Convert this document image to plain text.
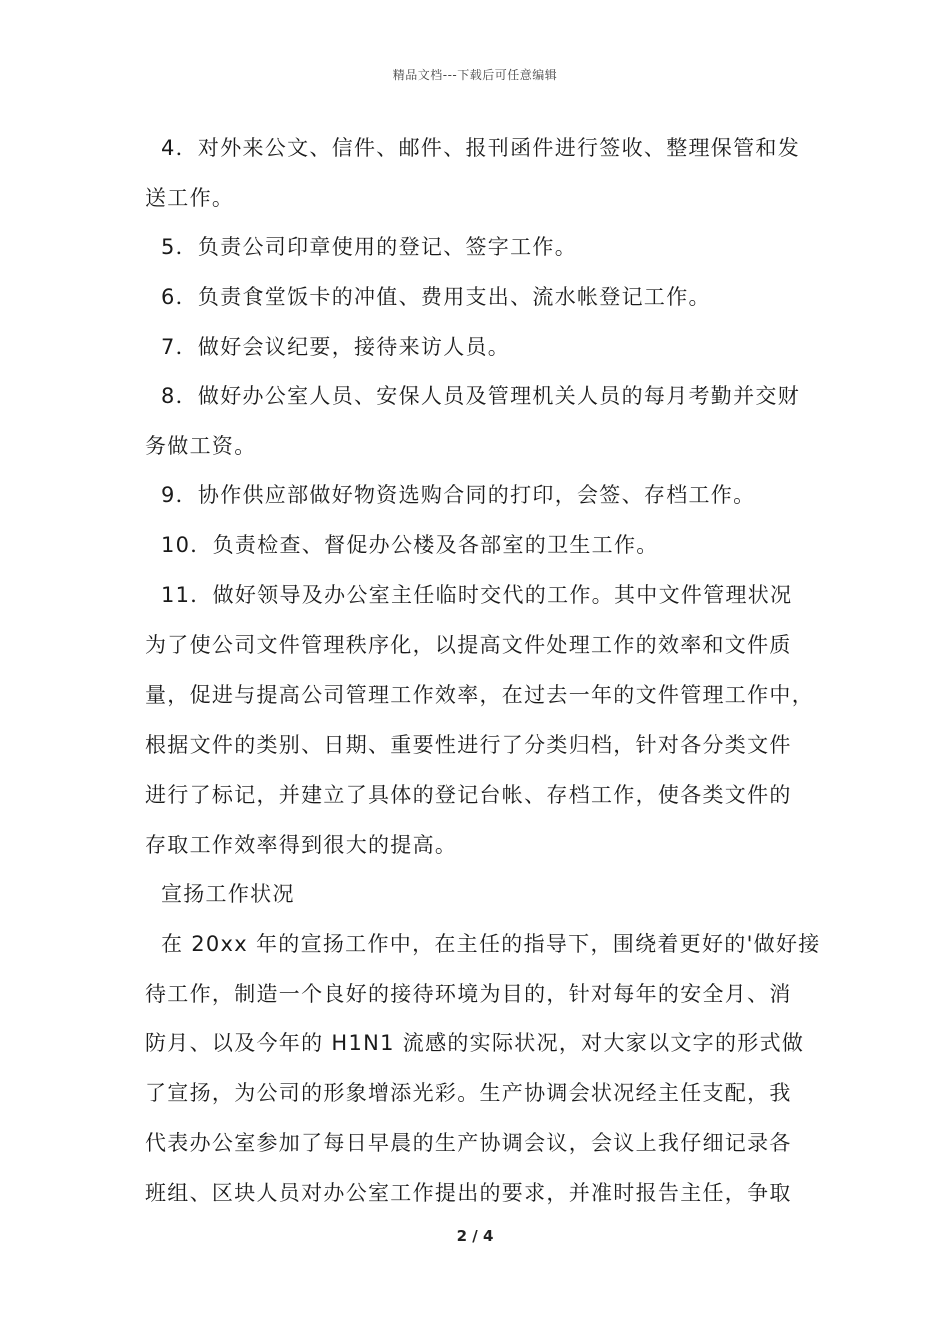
精品文档---下载后可任意编辑
4．对外来公文、信件、邮件、报刊函件进行签收、整理保管和发
送工作。
5．负责公司印章使用的登记、签字工作。
6．负责食堂饭卡的冲值、费用支出、流水帐登记工作。
7．做好会议纪要，接待来访人员。
8．做好办公室人员、安保人员及管理机关人员的每月考勤并交财
务做工资。
9．协作供应部做好物资选购合同的打印，会签、存档工作。
10．负责检查、督促办公楼及各部室的卫生工作。
11．做好领导及办公室主任临时交代的工作。其中文件管理状况
为了使公司文件管理秩序化，以提高文件处理工作的效率和文件质
量，促进与提高公司管理工作效率，在过去一年的文件管理工作中，
根据文件的类别、日期、重要性进行了分类归档，针对各分类文件
进行了标记，并建立了具体的登记台帐、存档工作，使各类文件的
存取工作效率得到很大的提高。
宣扬工作状况
在 20xx 年的宣扬工作中，在主任的指导下，围绕着更好的'做好接
待工作，制造一个良好的接待环境为目的，针对每年的安全月、消
防月、以及今年的 H1N1 流感的实际状况，对大家以文字的形式做
了宣扬，为公司的形象增添光彩。生产协调会状况经主任支配，我
代表办公室参加了每日早晨的生产协调会议，会议上我仔细记录各
班组、区块人员对办公室工作提出的要求，并准时报告主任，争取
2 / 4
